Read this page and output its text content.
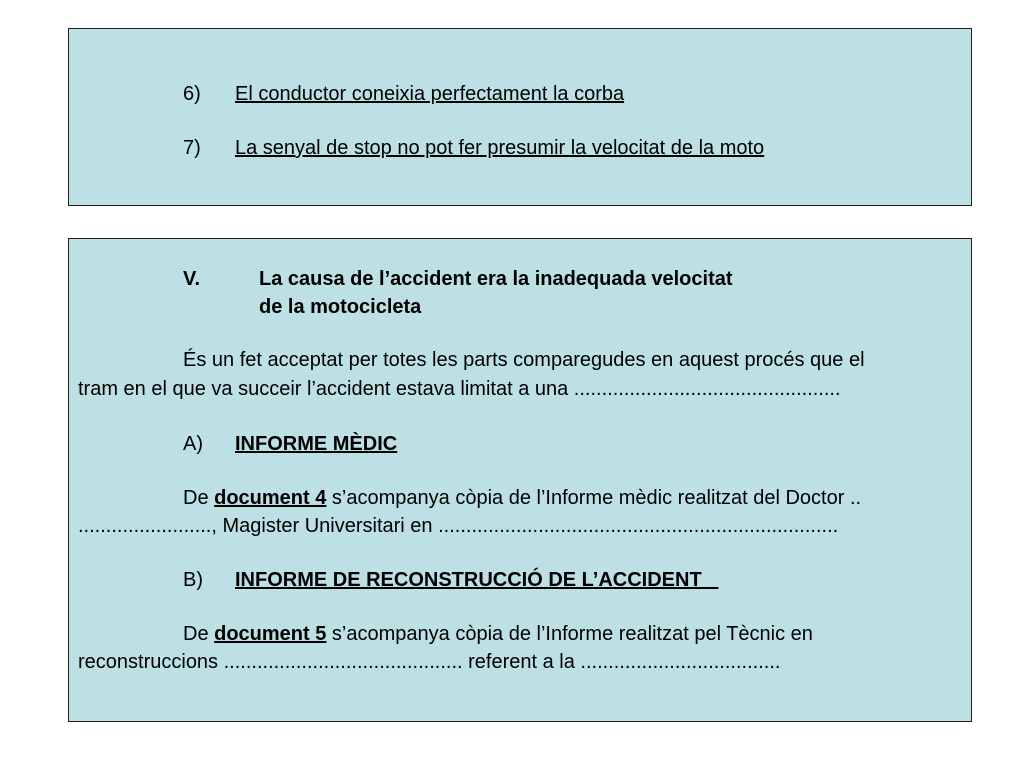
6) El conductor coneixia perfectament la corba
7) La senyal de stop no pot fer presumir la velocitat de la moto
V.	La causa de l’accident era la inadequada velocitat
de la motocicleta
És un fet acceptat per totes les parts comparegudes en aquest procés que el
tram en el que va succeir l’accident estava limitat a una ................................................
A) INFORME MÈDIC
De document 4 s’acompanya còpia de l’Informe mèdic realitzat del Doctor ..
........................, Magister Universitari en ........................................................................
B) INFORME DE RECONSTRUCCIÓ DE L’ACCIDENT
De document 5 s’acompanya còpia de l’Informe realitzat pel Tècnic en
reconstruccions ........................................... referent a la ....................................
